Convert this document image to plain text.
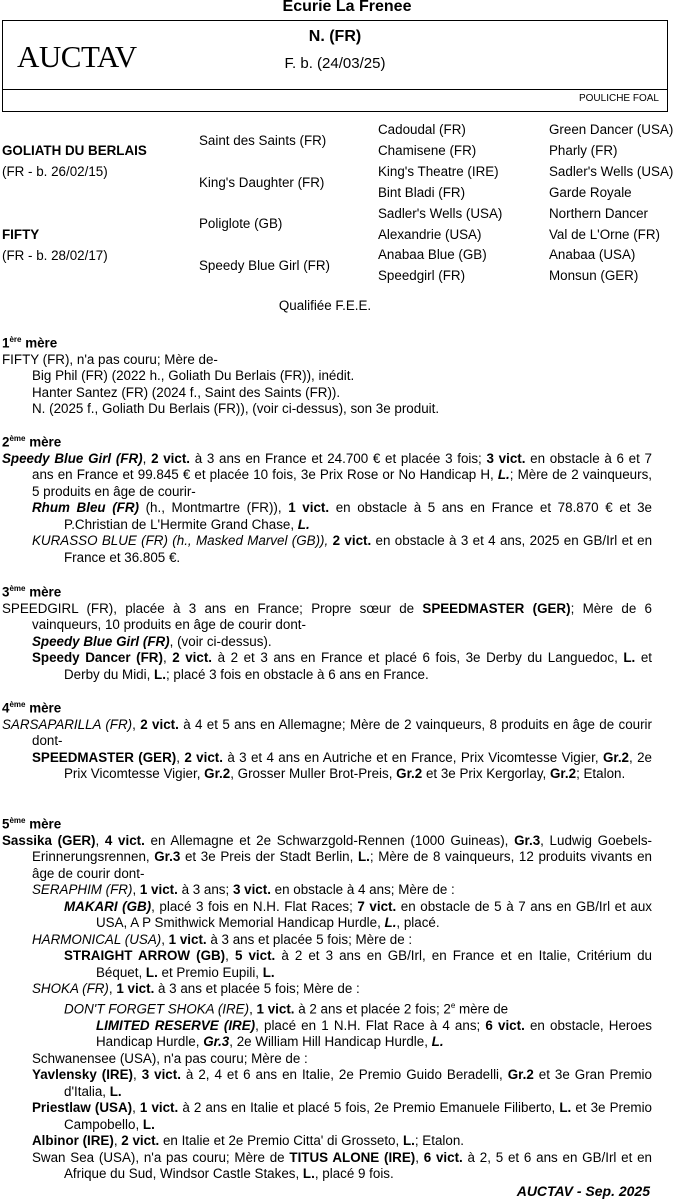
Ecurie La Frenee
AUCTAV
N. (FR)
F. b. (24/03/25)
POULICHE FOAL
GOLIATH DU BERLAIS
(FR - b. 26/02/15)
FIFTY
(FR - b. 28/02/17)
Saint des Saints (FR)
King's Daughter (FR)
Poliglote (GB)
Speedy Blue Girl (FR)
Cadoudal (FR)
Chamisene (FR)
King's Theatre (IRE)
Bint Bladi (FR)
Sadler's Wells (USA)
Alexandrie (USA)
Anabaa Blue (GB)
Speedgirl (FR)
Green Dancer (USA)
Pharly (FR)
Sadler's Wells (USA)
Garde Royale
Northern Dancer
Val de L'Orne (FR)
Anabaa (USA)
Monsun (GER)
Qualifiée F.E.E.

1ère mère

FIFTY (FR), n'a pas couru; Mère de-

Big Phil (FR) (2022 h., Goliath Du Berlais (FR)), inédit.

Hanter Santez (FR) (2024 f., Saint des Saints (FR)).

N. (2025 f., Goliath Du Berlais (FR)), (voir ci-dessus), son 3e produit.

2ème mère

Speedy Blue Girl (FR), 2 vict. à 3 ans en France et 24.700 € et placée 3 fois; 3 vict. en obstacle à 6 et 7 ans en France et 99.845 € et placée 10 fois, 3e Prix Rose or No Handicap H, L.; Mère de 2 vainqueurs, 5 produits en âge de courir-

Rhum Bleu (FR) (h., Montmartre (FR)), 1 vict. en obstacle à 5 ans en France et 78.870 € et 3e P.Christian de L'Hermite Grand Chase, L.

KURASSO BLUE (FR) (h., Masked Marvel (GB)), 2 vict. en obstacle à 3 et 4 ans, 2025 en GB/Irl et en France et 36.805 €.

3ème mère

SPEEDGIRL (FR), placée à 3 ans en France; Propre sœur de SPEEDMASTER (GER); Mère de 6 vainqueurs, 10 produits en âge de courir dont-

Speedy Blue Girl (FR), (voir ci-dessus).

Speedy Dancer (FR), 2 vict. à 2 et 3 ans en France et placé 6 fois, 3e Derby du Languedoc, L. et Derby du Midi, L.; placé 3 fois en obstacle à 6 ans en France.

4ème mère

SARSAPARILLA (FR), 2 vict. à 4 et 5 ans en Allemagne; Mère de 2 vainqueurs, 8 produits en âge de courir dont-

SPEEDMASTER (GER), 2 vict. à 3 et 4 ans en Autriche et en France, Prix Vicomtesse Vigier, Gr.2, 2e Prix Vicomtesse Vigier, Gr.2, Grosser Muller Brot-Preis, Gr.2 et 3e Prix Kergorlay, Gr.2; Etalon.

5ème mère

Sassika (GER), 4 vict. en Allemagne et 2e Schwarzgold-Rennen (1000 Guineas), Gr.3, Ludwig Goebels-Erinnerungsrennen, Gr.3 et 3e Preis der Stadt Berlin, L.; Mère de 8 vainqueurs, 12 produits vivants en âge de courir dont-

SERAPHIM (FR), 1 vict. à 3 ans; 3 vict. en obstacle à 4 ans; Mère de :

MAKARI (GB), placé 3 fois en N.H. Flat Races; 7 vict. en obstacle de 5 à 7 ans en GB/Irl et aux USA, A P Smithwick Memorial Handicap Hurdle, L., placé.

HARMONICAL (USA), 1 vict. à 3 ans et placée 5 fois; Mère de :

STRAIGHT ARROW (GB), 5 vict. à 2 et 3 ans en GB/Irl, en France et en Italie, Critérium du Béquet, L. et Premio Eupili, L.

SHOKA (FR), 1 vict. à 3 ans et placée 5 fois; Mère de :

DON'T FORGET SHOKA (IRE), 1 vict. à 2 ans et placée 2 fois; 2e mère de

LIMITED RESERVE (IRE), placé en 1 N.H. Flat Race à 4 ans; 6 vict. en obstacle, Heroes Handicap Hurdle, Gr.3, 2e William Hill Handicap Hurdle, L.

Schwanensee (USA), n'a pas couru; Mère de :

Yavlensky (IRE), 3 vict. à 2, 4 et 6 ans en Italie, 2e Premio Guido Beradelli, Gr.2 et 3e Gran Premio d'Italia, L.

Priestlaw (USA), 1 vict. à 2 ans en Italie et placé 5 fois, 2e Premio Emanuele Filiberto, L. et 3e Premio Campobello, L.

Albinor (IRE), 2 vict. en Italie et 2e Premio Citta' di Grosseto, L.; Etalon.

Swan Sea (USA), n'a pas couru; Mère de TITUS ALONE (IRE), 6 vict. à 2, 5 et 6 ans en GB/Irl et en Afrique du Sud, Windsor Castle Stakes, L., placé 9 fois.

AUCTAV - Sep. 2025
